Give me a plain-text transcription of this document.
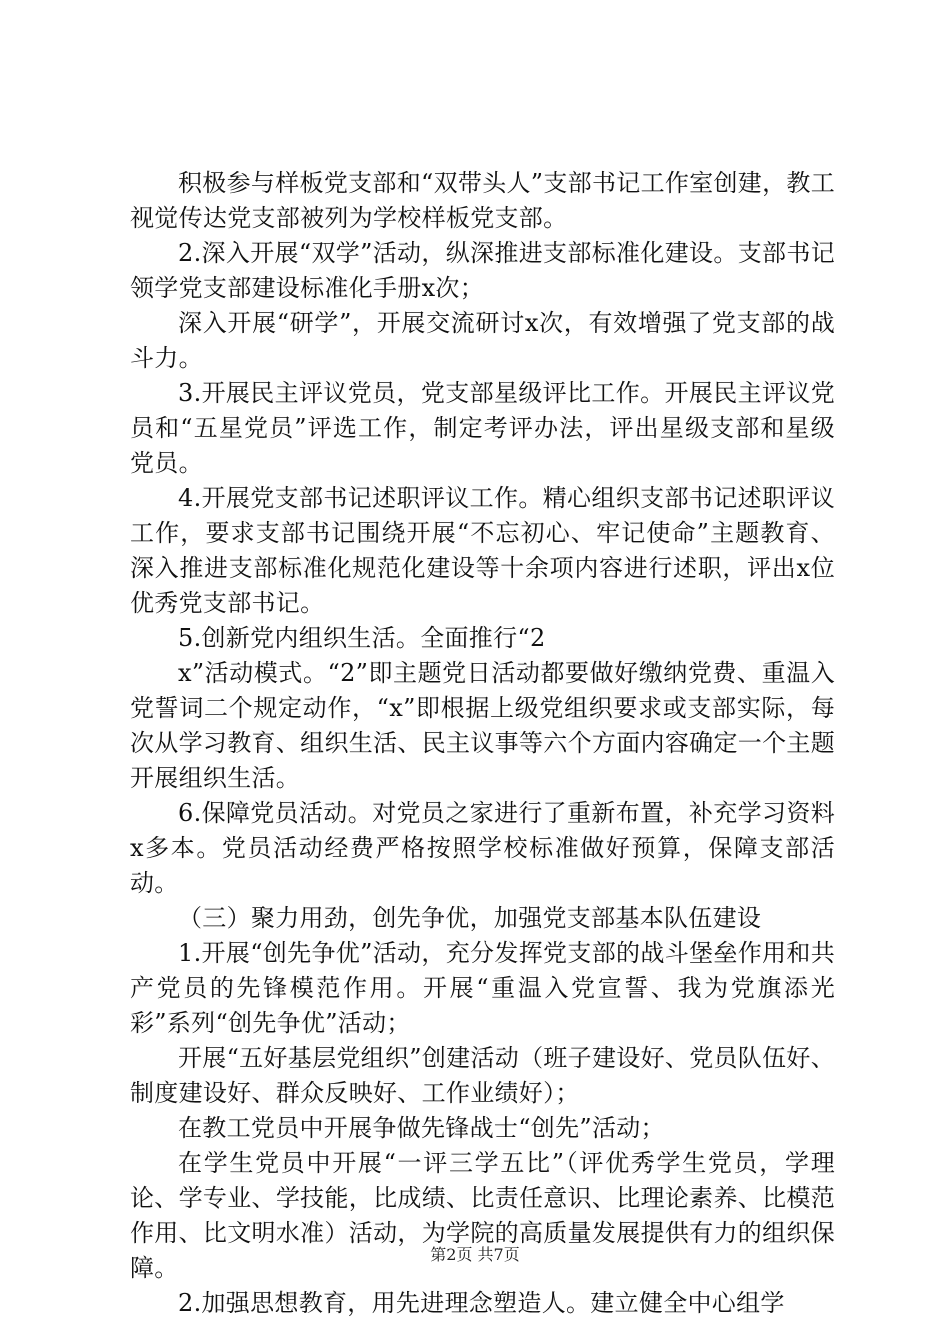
积极参与样板党支部和“双带头人”支部书记工作室创建，教工视觉传达党支部被列为学校样板党支部。

2.深入开展“双学”活动，纵深推进支部标准化建设。支部书记领学党支部建设标准化手册x次；

深入开展“研学”，开展交流研讨x次，有效增强了党支部的战斗力。

3.开展民主评议党员，党支部星级评比工作。开展民主评议党员和“五星党员”评选工作，制定考评办法，评出星级支部和星级党员。

4.开展党支部书记述职评议工作。精心组织支部书记述职评议工作，要求支部书记围绕开展“不忘初心、牢记使命”主题教育、深入推进支部标准化规范化建设等十余项内容进行述职，评出x位优秀党支部书记。

5.创新党内组织生活。全面推行“2

x”活动模式。“2”即主题党日活动都要做好缴纳党费、重温入党誓词二个规定动作，“x”即根据上级党组织要求或支部实际，每次从学习教育、组织生活、民主议事等六个方面内容确定一个主题开展组织生活。

6.保障党员活动。对党员之家进行了重新布置，补充学习资料x多本。党员活动经费严格按照学校标准做好预算，保障支部活动。

（三）聚力用劲，创先争优，加强党支部基本队伍建设

1.开展“创先争优”活动，充分发挥党支部的战斗堡垒作用和共产党员的先锋模范作用。开展“重温入党宣誓、我为党旗添光彩”系列“创先争优”活动；

开展“五好基层党组织”创建活动（班子建设好、党员队伍好、制度建设好、群众反映好、工作业绩好）；

在教工党员中开展争做先锋战士“创先”活动；

在学生党员中开展“一评三学五比”（评优秀学生党员，学理论、学专业、学技能，比成绩、比责任意识、比理论素养、比模范作用、比文明水准）活动，为学院的高质量发展提供有力的组织保障。

2.加强思想教育，用先进理念塑造人。建立健全中心组学

第2页 共7页
